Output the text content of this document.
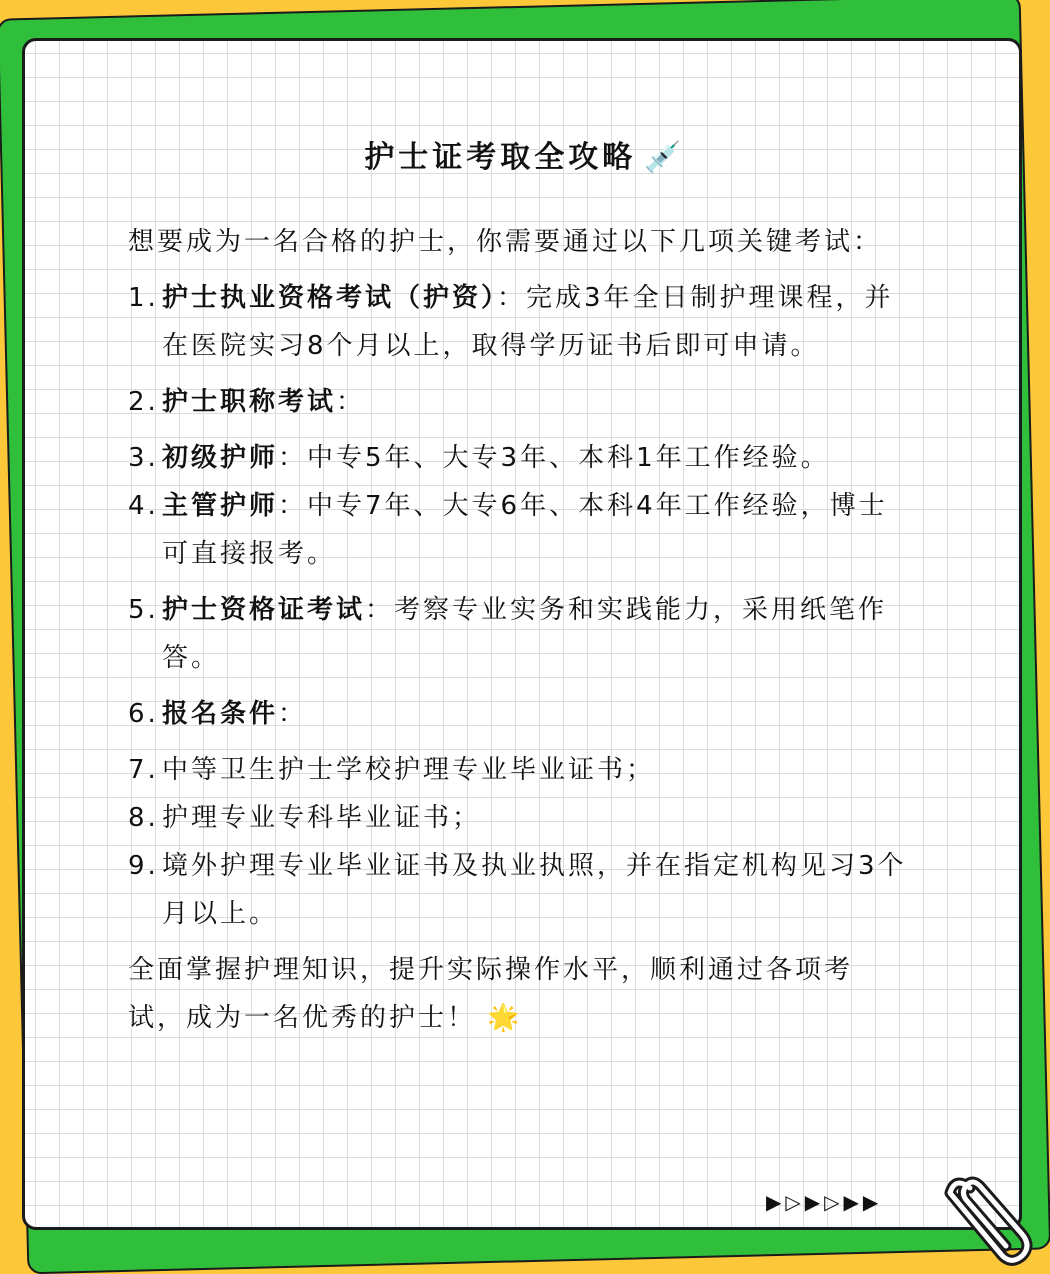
护士证考取全攻略 💉

想要成为一名合格的护士，你需要通过以下几项关键考试：

1. 护士执业资格考试（护资）：完成3年全日制护理课程，并在医院实习8个月以上，取得学历证书后即可申请。
2. 护士职称考试：
3. 初级护师：中专5年、大专3年、本科1年工作经验。
4. 主管护师：中专7年、大专6年、本科4年工作经验，博士可直接报考。
5. 护士资格证考试：考察专业实务和实践能力，采用纸笔作答。
6. 报名条件：
7. 中等卫生护士学校护理专业毕业证书；
8. 护理专业专科毕业证书；
9. 境外护理专业毕业证书及执业执照，并在指定机构见习3个月以上。

全面掌握护理知识，提升实际操作水平，顺利通过各项考试，成为一名优秀的护士！ 🌟

▶▷▶▷▶▶
